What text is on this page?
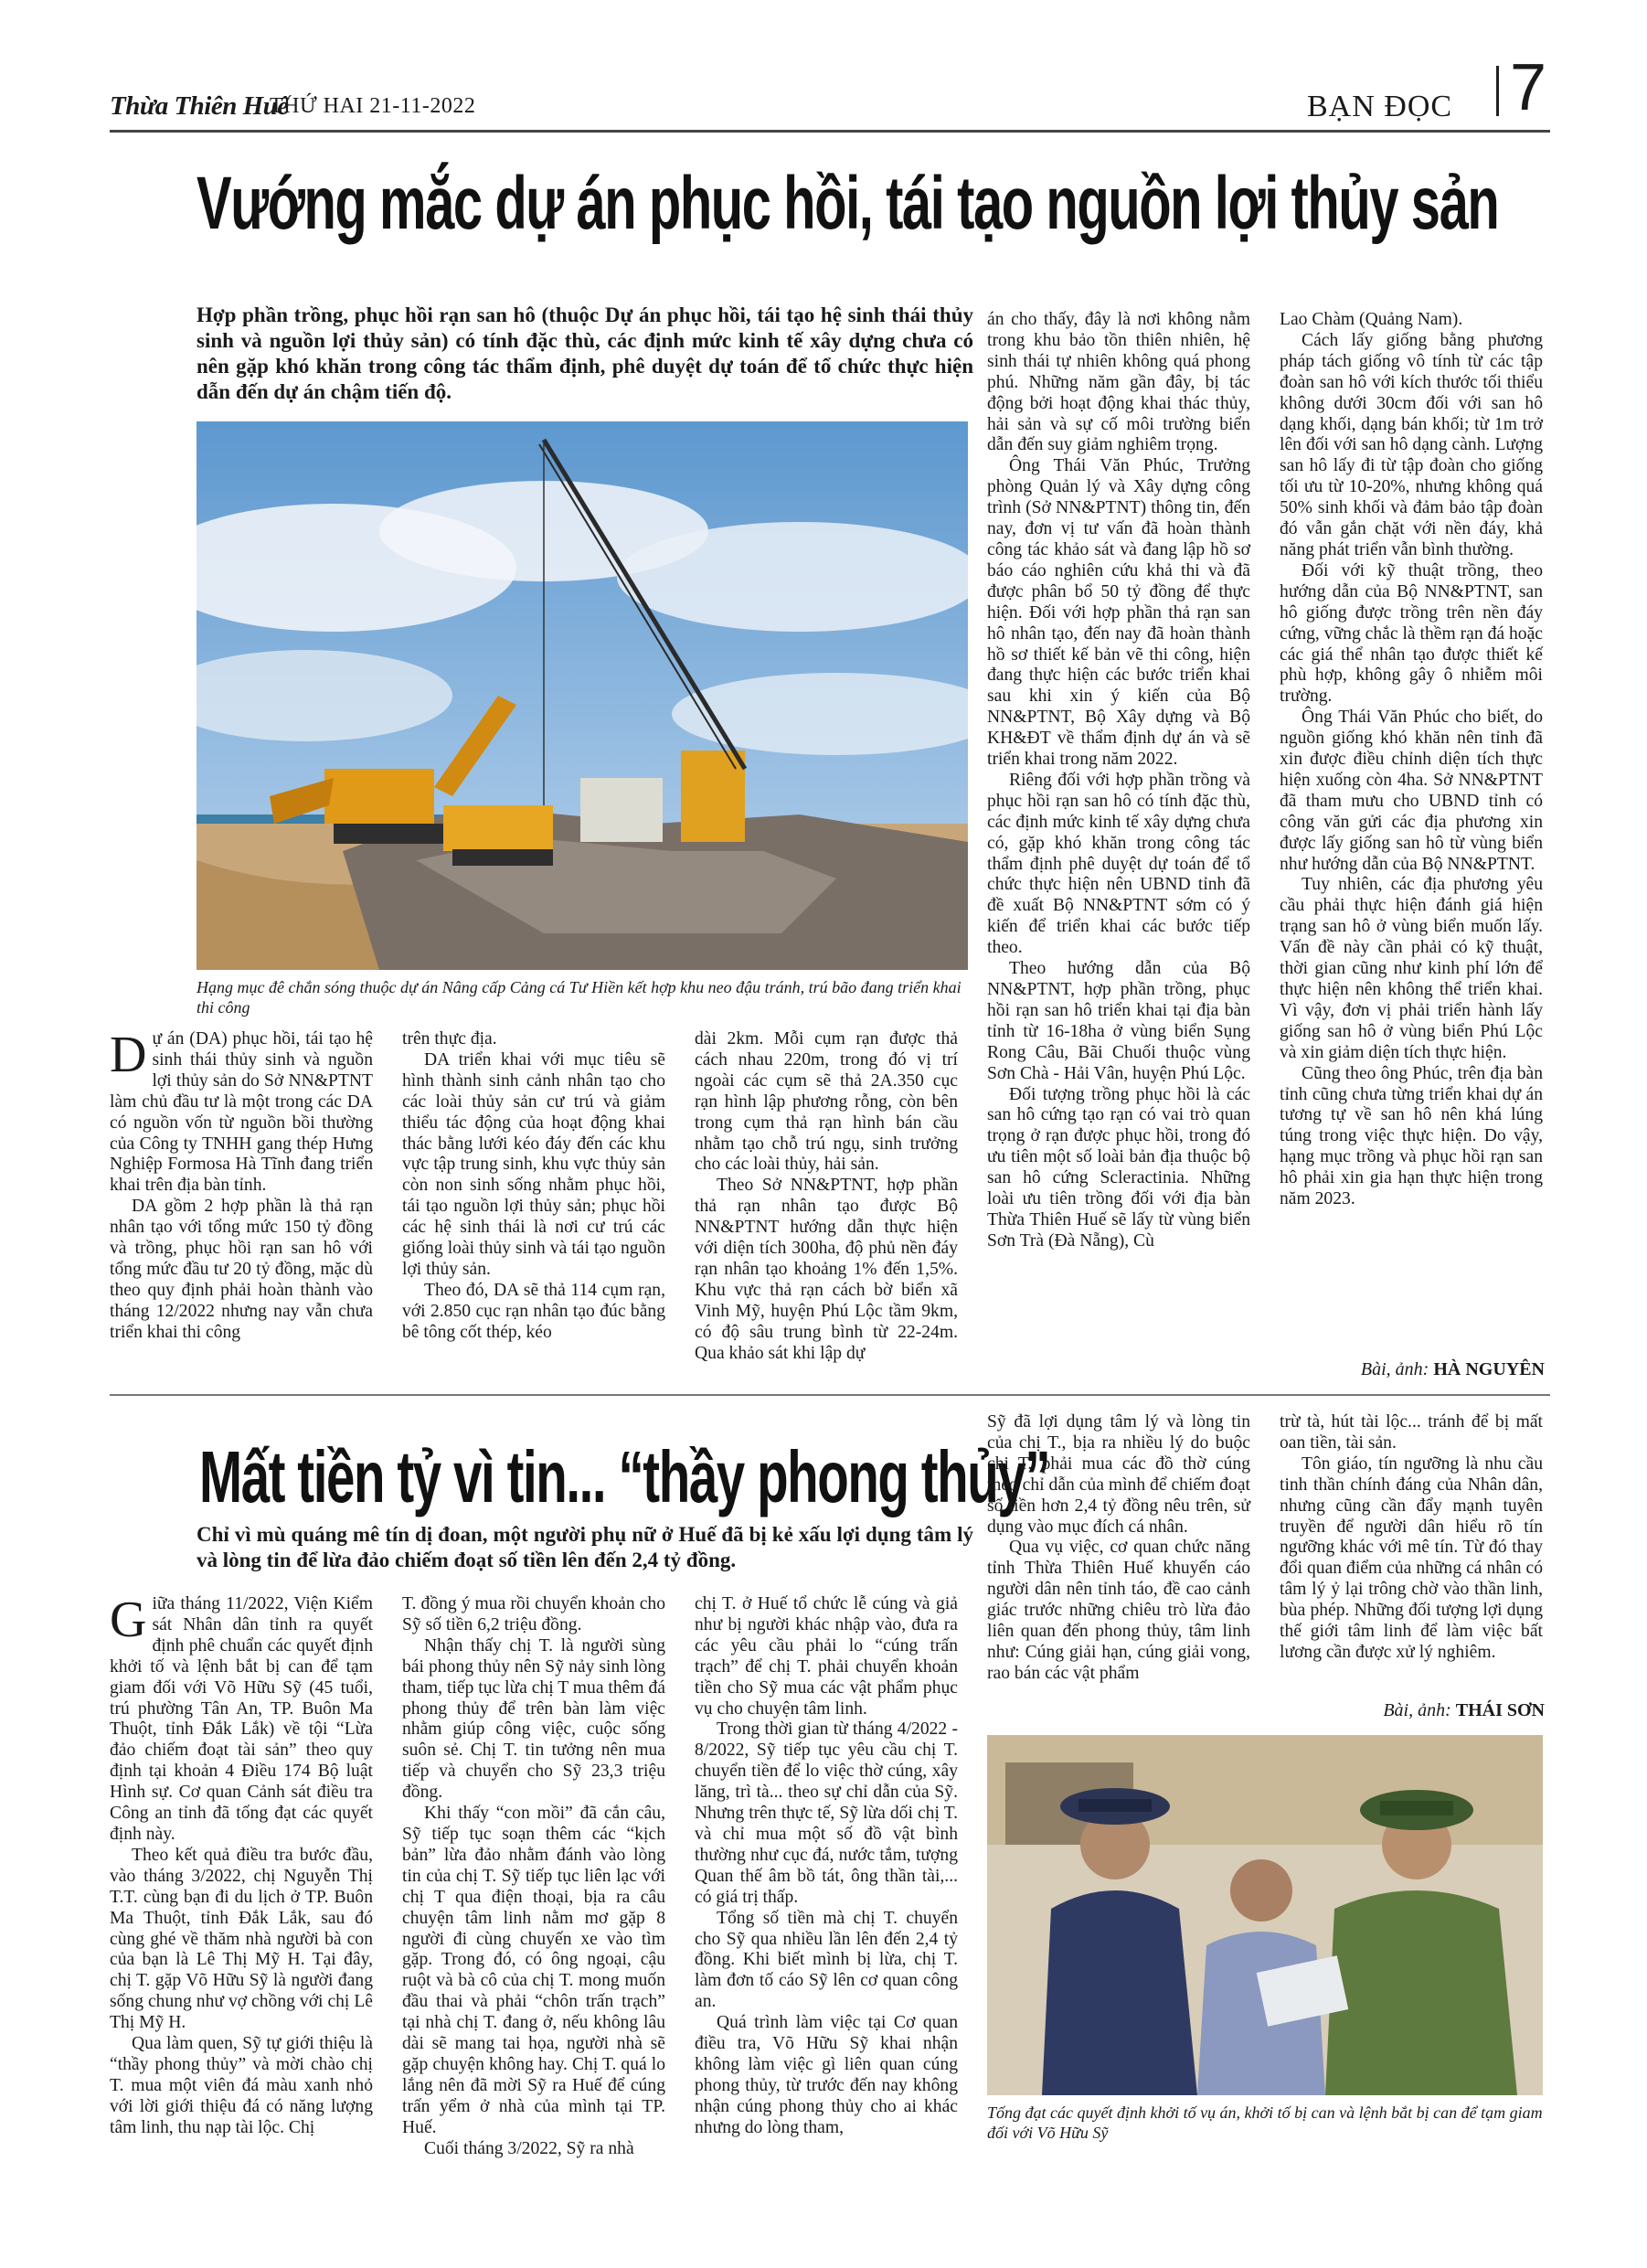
Thừa Thiên Huế
THỨ HAI 21-11-2022	BẠN ĐỌC 7
Vướng mắc dự án phục hồi, tái tạo nguồn lợi thủy sản
Hợp phần trồng, phục hồi rạn san hô (thuộc Dự án phục hồi, tái tạo hệ sinh thái thủy sinh và nguồn lợi thủy sản) có tính đặc thù, các định mức kinh tế xây dựng chưa có nên gặp khó khăn trong công tác thẩm định, phê duyệt dự toán để tổ chức thực hiện dẫn đến dự án chậm tiến độ.
Hạng mục đê chắn sóng thuộc dự án Nâng cấp Cảng cá Tư Hiền kết hợp khu neo đậu tránh, trú bão đang triển khai thi công
D ự án (DA) phục hồi, tái tạo hệ sinh thái thủy sinh và nguồn lợi thủy sản do Sở NN&PTNT làm chủ đầu tư là một trong các DA có nguồn vốn từ nguồn bồi thường của Công ty TNHH gang thép Hưng Nghiệp Formosa Hà Tĩnh đang triển khai trên địa bàn tỉnh.

DA gồm 2 hợp phần là thả rạn nhân tạo với tổng mức 150 tỷ đồng và trồng, phục hồi rạn san hô với tổng mức đầu tư 20 tỷ đồng, mặc dù theo quy định phải hoàn thành vào tháng 12/2022 nhưng nay vẫn chưa triển khai thi công

trên thực địa.

DA triển khai với mục tiêu sẽ hình thành sinh cảnh nhân tạo cho các loài thủy sản cư trú và giảm thiểu tác động của hoạt động khai thác bằng lưới kéo đáy đến các khu vực tập trung sinh, khu vực thủy sản còn non sinh sống nhằm phục hồi, tái tạo nguồn lợi thủy sản; phục hồi các hệ sinh thái là nơi cư trú các giống loài thủy sinh và tái tạo nguồn lợi thủy sản.

Theo đó, DA sẽ thả 114 cụm rạn, với 2.850 cục rạn nhân tạo đúc bằng bê tông cốt thép, kéo

dài 2km. Mỗi cụm rạn được thả cách nhau 220m, trong đó vị trí ngoài các cụm sẽ thả 2A.350 cục rạn hình lập phương rỗng, còn bên trong cụm thả rạn hình bán cầu nhằm tạo chỗ trú ngụ, sinh trưởng cho các loài thủy, hải sản.

Theo Sở NN&PTNT, hợp phần thả rạn nhân tạo được Bộ NN&PTNT hướng dẫn thực hiện với diện tích 300ha, độ phủ nền đáy rạn nhân tạo khoảng 1% đến 1,5%. Khu vực thả rạn cách bờ biển xã Vinh Mỹ, huyện Phú Lộc tầm 9km, có độ sâu trung bình từ 22-24m. Qua khảo sát khi lập dự

án cho thấy, đây là nơi không nằm trong khu bảo tồn thiên nhiên, hệ sinh thái tự nhiên không quá phong phú. Những năm gần đây, bị tác động bởi hoạt động khai thác thủy, hải sản và sự cố môi trường biển dẫn đến suy giảm nghiêm trọng.

Ông Thái Văn Phúc, Trưởng phòng Quản lý và Xây dựng công trình (Sở NN&PTNT) thông tin, đến nay, đơn vị tư vấn đã hoàn thành công tác khảo sát và đang lập hồ sơ báo cáo nghiên cứu khả thi và đã được phân bổ 50 tỷ đồng để thực hiện. Đối với hợp phần thả rạn san hô nhân tạo, đến nay đã hoàn thành hồ sơ thiết kế bản vẽ thi công, hiện đang thực hiện các bước triển khai sau khi xin ý kiến của Bộ NN&PTNT, Bộ Xây dựng và Bộ KH&ĐT về thẩm định dự án và sẽ triển khai trong năm 2022.

Riêng đối với hợp phần trồng và phục hồi rạn san hô có tính đặc thù, các định mức kinh tế xây dựng chưa có, gặp khó khăn trong công tác thẩm định phê duyệt dự toán để tổ chức thực hiện nên UBND tỉnh đã đề xuất Bộ NN&PTNT sớm có ý kiến để triển khai các bước tiếp theo.

Theo hướng dẫn của Bộ NN&PTNT, hợp phần trồng, phục hồi rạn san hô triển khai tại địa bàn tỉnh từ 16-18ha ở vùng biển Sụng Rong Câu, Bãi Chuối thuộc vùng Sơn Chà - Hải Vân, huyện Phú Lộc.

Đối tượng trồng phục hồi là các san hô cứng tạo rạn có vai trò quan trọng ở rạn được phục hồi, trong đó ưu tiên một số loài bản địa thuộc bộ san hô cứng Scleractinia. Những loài ưu tiên trồng đối với địa bàn Thừa Thiên Huế sẽ lấy từ vùng biển Sơn Trà (Đà Nẵng), Cù

Lao Chàm (Quảng Nam).

Cách lấy giống bằng phương pháp tách giống vô tính từ các tập đoàn san hô với kích thước tối thiểu không dưới 30cm đối với san hô dạng khối, dạng bán khối; từ 1m trở lên đối với san hô dạng cành. Lượng san hô lấy đi từ tập đoàn cho giống tối ưu từ 10-20%, nhưng không quá 50% sinh khối và đảm bảo tập đoàn đó vẫn gắn chặt với nền đáy, khả năng phát triển vẫn bình thường.

Đối với kỹ thuật trồng, theo hướng dẫn của Bộ NN&PTNT, san hô giống được trồng trên nền đáy cứng, vững chắc là thềm rạn đá hoặc các giá thể nhân tạo được thiết kế phù hợp, không gây ô nhiễm môi trường.

Ông Thái Văn Phúc cho biết, do nguồn giống khó khăn nên tỉnh đã xin được điều chỉnh diện tích thực hiện xuống còn 4ha. Sở NN&PTNT đã tham mưu cho UBND tỉnh có công văn gửi các địa phương xin được lấy giống san hô từ vùng biển như hướng dẫn của Bộ NN&PTNT.

Tuy nhiên, các địa phương yêu cầu phải thực hiện đánh giá hiện trạng san hô ở vùng biển muốn lấy. Vấn đề này cần phải có kỹ thuật, thời gian cũng như kinh phí lớn để thực hiện nên không thể triển khai. Vì vậy, đơn vị phải triển hành lấy giống san hô ở vùng biển Phú Lộc và xin giảm diện tích thực hiện.

Cũng theo ông Phúc, trên địa bàn tỉnh cũng chưa từng triển khai dự án tương tự về san hô nên khá lúng túng trong việc thực hiện. Do vậy, hạng mục trồng và phục hồi rạn san hô phải xin gia hạn thực hiện trong năm 2023.

Bài, ảnh: HÀ NGUYÊN
Mất tiền tỷ vì tin... “thầy phong thủy”
Chỉ vì mù quáng mê tín dị đoan, một người phụ nữ ở Huế đã bị kẻ xấu lợi dụng tâm lý và lòng tin để lừa đảo chiếm đoạt số tiền lên đến 2,4 tỷ đồng.
G iữa tháng 11/2022, Viện Kiểm sát Nhân dân tỉnh ra quyết định phê chuẩn các quyết định khởi tố và lệnh bắt bị can để tạm giam đối với Võ Hữu Sỹ (45 tuổi, trú phường Tân An, TP. Buôn Ma Thuột, tỉnh Đắk Lắk) về tội “Lừa đảo chiếm đoạt tài sản” theo quy định tại khoản 4 Điều 174 Bộ luật Hình sự. Cơ quan Cảnh sát điều tra Công an tỉnh đã tống đạt các quyết định này.

Theo kết quả điều tra bước đầu, vào tháng 3/2022, chị Nguyễn Thị T.T. cùng bạn đi du lịch ở TP. Buôn Ma Thuột, tỉnh Đắk Lắk, sau đó cùng ghé về thăm nhà người bà con của bạn là Lê Thị Mỹ H. Tại đây, chị T. gặp Võ Hữu Sỹ là người đang sống chung như vợ chồng với chị Lê Thị Mỹ H.

Qua làm quen, Sỹ tự giới thiệu là “thầy phong thủy” và mời chào chị T. mua một viên đá màu xanh nhỏ với lời giới thiệu đá có năng lượng tâm linh, thu nạp tài lộc. Chị

T. đồng ý mua rồi chuyển khoản cho Sỹ số tiền 6,2 triệu đồng.

Nhận thấy chị T. là người sùng bái phong thủy nên Sỹ nảy sinh lòng tham, tiếp tục lừa chị T mua thêm đá phong thủy để trên bàn làm việc nhằm giúp công việc, cuộc sống suôn sẻ. Chị T. tin tưởng nên mua tiếp và chuyển cho Sỹ 23,3 triệu đồng.

Khi thấy “con mồi” đã cắn câu, Sỹ tiếp tục soạn thêm các “kịch bản” lừa đảo nhằm đánh vào lòng tin của chị T. Sỹ tiếp tục liên lạc với chị T qua điện thoại, bịa ra câu chuyện tâm linh nằm mơ gặp 8 người đi cùng chuyến xe vào tìm gặp. Trong đó, có ông ngoại, cậu ruột và bà cô của chị T. mong muốn đầu thai và phải “chôn trấn trạch” tại nhà chị T. đang ở, nếu không lâu dài sẽ mang tai họa, người nhà sẽ gặp chuyện không hay. Chị T. quá lo lắng nên đã mời Sỹ ra Huế để cúng trấn yểm ở nhà của mình tại TP. Huế.

Cuối tháng 3/2022, Sỹ ra nhà

chị T. ở Huế tổ chức lễ cúng và giả như bị người khác nhập vào, đưa ra các yêu cầu phải lo “cúng trấn trạch” để chị T. phải chuyển khoản tiền cho Sỹ mua các vật phẩm phục vụ cho chuyện tâm linh.

Trong thời gian từ tháng 4/2022 - 8/2022, Sỹ tiếp tục yêu cầu chị T. chuyển tiền để lo việc thờ cúng, xây lăng, trì tà... theo sự chỉ dẫn của Sỹ. Nhưng trên thực tế, Sỹ lừa dối chị T. và chỉ mua một số đồ vật bình thường như cục đá, nước tắm, tượng Quan thế âm bồ tát, ông thần tài,... có giá trị thấp.

Tổng số tiền mà chị T. chuyển cho Sỹ qua nhiều lần lên đến 2,4 tỷ đồng. Khi biết mình bị lừa, chị T. làm đơn tố cáo Sỹ lên cơ quan công an.

Quá trình làm việc tại Cơ quan điều tra, Võ Hữu Sỹ khai nhận không làm việc gì liên quan cúng phong thủy, từ trước đến nay không nhận cúng phong thủy cho ai khác nhưng do lòng tham,

Sỹ đã lợi dụng tâm lý và lòng tin của chị T., bịa ra nhiều lý do buộc chị T. phải mua các đồ thờ cúng theo chỉ dẫn của mình để chiếm đoạt số tiền hơn 2,4 tỷ đồng nêu trên, sử dụng vào mục đích cá nhân.

Qua vụ việc, cơ quan chức năng tỉnh Thừa Thiên Huế khuyến cáo người dân nên tỉnh táo, đề cao cảnh giác trước những chiêu trò lừa đảo liên quan đến phong thủy, tâm linh như: Cúng giải hạn, cúng giải vong, rao bán các vật phẩm

trừ tà, hút tài lộc... tránh để bị mất oan tiền, tài sản.

Tôn giáo, tín ngưỡng là nhu cầu tinh thần chính đáng của Nhân dân, nhưng cũng cần đẩy mạnh tuyên truyền để người dân hiểu rõ tín ngưỡng khác với mê tín. Từ đó thay đổi quan điểm của những cá nhân có tâm lý ỷ lại trông chờ vào thần linh, bùa phép. Những đối tượng lợi dụng thế giới tâm linh để làm việc bất lương cần được xử lý nghiêm.

Bài, ảnh: THÁI SƠN
Tống đạt các quyết định khởi tố vụ án, khởi tố bị can và lệnh bắt bị can để tạm giam đối với Võ Hữu Sỹ
